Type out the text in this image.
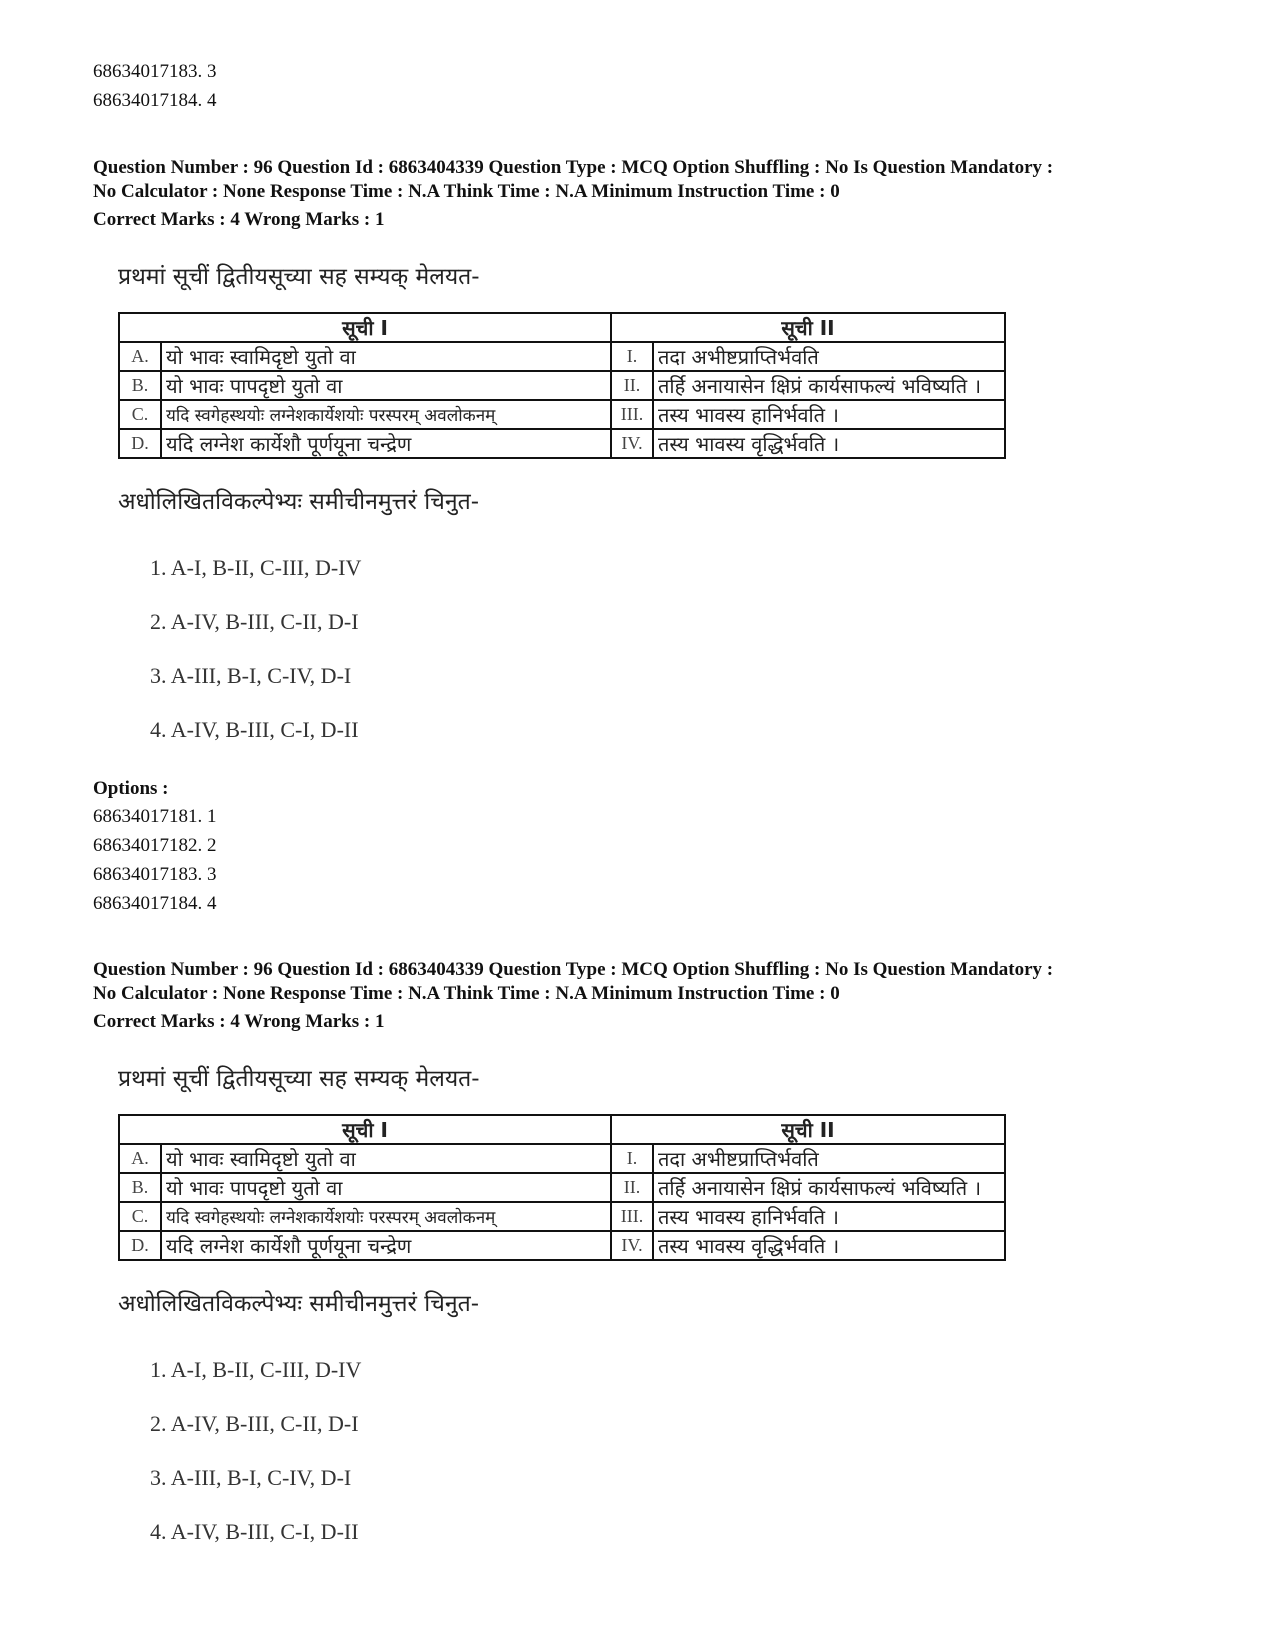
68634017183. 3
68634017184. 4
Question Number : 96 Question Id : 6863404339 Question Type : MCQ Option Shuffling : No Is Question Mandatory :
No Calculator : None Response Time : N.A Think Time : N.A Minimum Instruction Time : 0
Correct Marks : 4 Wrong Marks : 1
प्रथमां सूचीं द्वितीयसूच्या सह सम्यक् मेलयत-
सूची I		सूची II	
A.	यो भावः स्वामिदृष्टो युतो वा	I.	तदा अभीष्टप्राप्तिर्भवति
B.	यो भावः पापदृष्टो युतो वा	II.	तर्हि अनायासेन क्षिप्रं कार्यसाफल्यं भविष्यति ।
C.	यदि स्वगेहस्थयोः लग्नेशकार्येशयोः परस्परम् अवलोकनम्	III.	तस्य भावस्य हानिर्भवति ।
D.	यदि लग्नेश कार्येशौ पूर्णयूना चन्द्रेण	IV.	तस्य भावस्य वृद्धिर्भवति ।
अधोलिखितविकल्पेभ्यः समीचीनमुत्तरं चिनुत-
1. A-I, B-II, C-III, D-IV
2. A-IV, B-III, C-II, D-I
3. A-III, B-I, C-IV, D-I
4. A-IV, B-III, C-I, D-II
Options :
68634017181. 1
68634017182. 2
68634017183. 3
68634017184. 4
Question Number : 96 Question Id : 6863404339 Question Type : MCQ Option Shuffling : No Is Question Mandatory :
No Calculator : None Response Time : N.A Think Time : N.A Minimum Instruction Time : 0
Correct Marks : 4 Wrong Marks : 1
प्रथमां सूचीं द्वितीयसूच्या सह सम्यक् मेलयत-
सूची I		सूची II	
A.	यो भावः स्वामिदृष्टो युतो वा	I.	तदा अभीष्टप्राप्तिर्भवति
B.	यो भावः पापदृष्टो युतो वा	II.	तर्हि अनायासेन क्षिप्रं कार्यसाफल्यं भविष्यति ।
C.	यदि स्वगेहस्थयोः लग्नेशकार्येशयोः परस्परम् अवलोकनम्	III.	तस्य भावस्य हानिर्भवति ।
D.	यदि लग्नेश कार्येशौ पूर्णयूना चन्द्रेण	IV.	तस्य भावस्य वृद्धिर्भवति ।
अधोलिखितविकल्पेभ्यः समीचीनमुत्तरं चिनुत-
1. A-I, B-II, C-III, D-IV
2. A-IV, B-III, C-II, D-I
3. A-III, B-I, C-IV, D-I
4. A-IV, B-III, C-I, D-II
